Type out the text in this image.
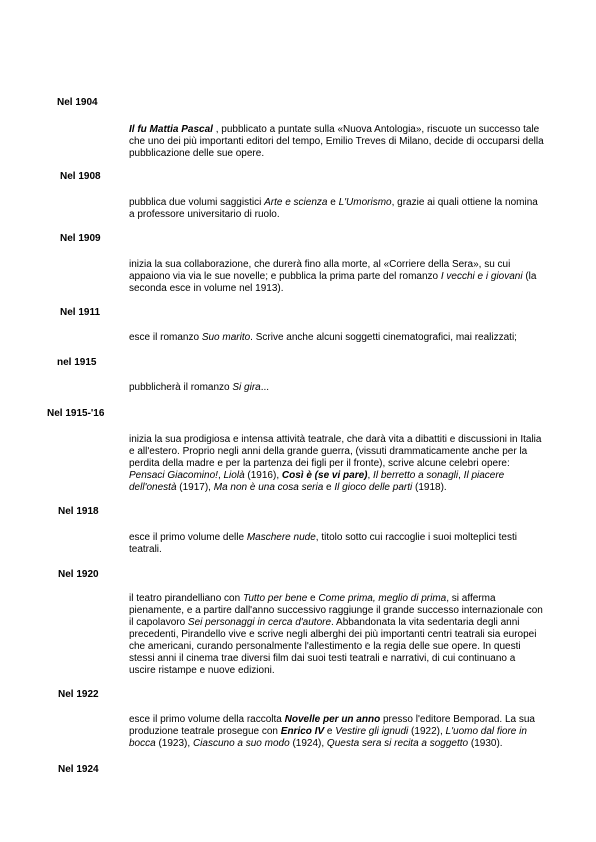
Nel 1904
Il fu Mattia Pascal , pubblicato a puntate sulla «Nuova Antologia», riscuote un successo tale che uno dei più importanti editori del tempo, Emilio Treves di Milano, decide di occuparsi della pubblicazione delle sue opere.
Nel 1908
pubblica due volumi saggistici Arte e scienza e L'Umorismo, grazie ai quali ottiene la nomina a professore universitario di ruolo.
Nel 1909
inizia la sua collaborazione, che durerà fino alla morte, al «Corriere della Sera», su cui appaiono via via le sue novelle; e pubblica la prima parte del romanzo I vecchi e i giovani (la seconda esce in volume nel 1913).
Nel 1911
esce il romanzo Suo marito. Scrive anche alcuni soggetti cinematografici, mai realizzati;
nel 1915
pubblicherà il romanzo Si gira...
Nel 1915-'16
inizia la sua prodigiosa e intensa attività teatrale, che darà vita a dibattiti e discussioni in Italia e all'estero. Proprio negli anni della grande guerra, (vissuti drammaticamente anche per la perdita della madre e per la partenza dei figli per il fronte), scrive alcune celebri opere: Pensaci Giacomino!, Liolà (1916), Così è (se vi pare), Il berretto a sonagli, Il piacere dell'onestà (1917), Ma non è una cosa seria e Il gioco delle parti (1918).
Nel 1918
esce il primo volume delle Maschere nude, titolo sotto cui raccoglie i suoi molteplici testi teatrali.
Nel 1920
il teatro pirandelliano con Tutto per bene e Come prima, meglio di prima, si afferma pienamente, e a partire dall'anno successivo raggiunge il grande successo internazionale con il capolavoro Sei personaggi in cerca d'autore. Abbandonata la vita sedentaria degli anni precedenti, Pirandello vive e scrive negli alberghi dei più importanti centri teatrali sia europei che americani, curando personalmente l'allestimento e la regia delle sue opere. In questi stessi anni il cinema trae diversi film dai suoi testi teatrali e narrativi, di cui continuano a uscire ristampe e nuove edizioni.
Nel 1922
esce il primo volume della raccolta Novelle per un anno presso l'editore Bemporad. La sua produzione teatrale prosegue con Enrico IV e Vestire gli ignudi (1922), L'uomo dal fiore in bocca (1923), Ciascuno a suo modo (1924), Questa sera si recita a soggetto (1930).
Nel 1924
